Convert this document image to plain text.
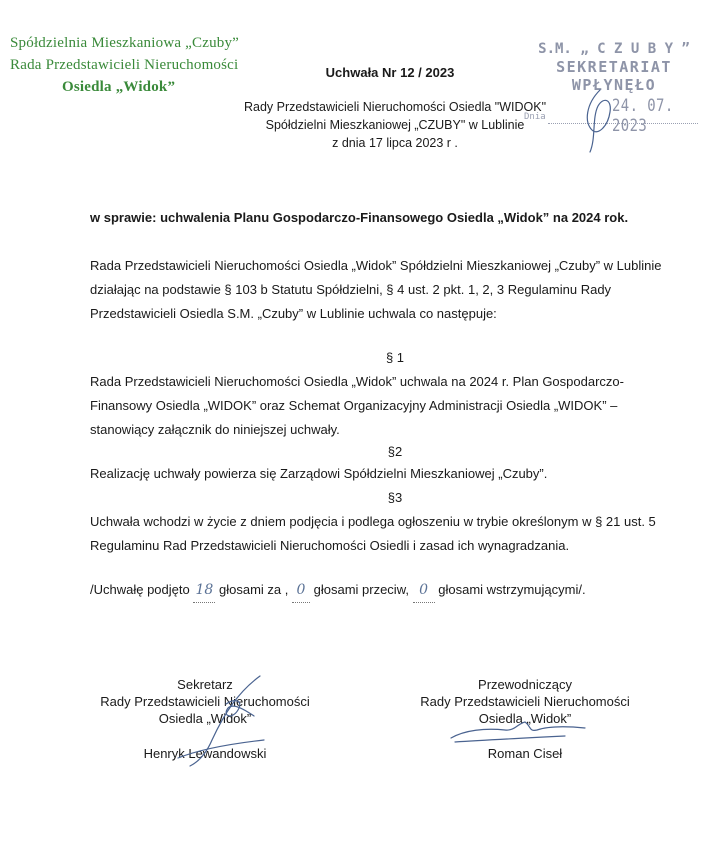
Spółdzielnia Mieszkaniowa „Czuby”
Rada Przedstawicieli Nieruchomości
Osiedla „Widok”
S.M. „ C Z U B Y ”
SEKRETARIAT
WPŁYNĘŁO
24. 07. 2023
Dnia
Uchwała Nr 12 / 2023
Rady Przedstawicieli Nieruchomości Osiedla "WIDOK"
Spółdzielni Mieszkaniowej „CZUBY" w Lublinie
z dnia 17 lipca 2023 r .
w sprawie: uchwalenia Planu Gospodarczo-Finansowego Osiedla „Widok” na 2024 rok.
Rada Przedstawicieli Nieruchomości Osiedla „Widok” Spółdzielni Mieszkaniowej „Czuby” w Lublinie
działając na podstawie § 103 b Statutu Spółdzielni, § 4 ust. 2 pkt. 1, 2, 3 Regulaminu Rady
Przedstawicieli Osiedla S.M. „Czuby” w Lublinie uchwala co następuje:
§ 1
Rada Przedstawicieli Nieruchomości Osiedla „Widok” uchwala na 2024 r. Plan Gospodarczo-
Finansowy Osiedla „WIDOK” oraz Schemat Organizacyjny Administracji Osiedla „WIDOK” –
stanowiący załącznik do niniejszej uchwały.
§2
Realizację uchwały powierza się Zarządowi Spółdzielni Mieszkaniowej „Czuby”.
§3
Uchwała wchodzi w życie z dniem podjęcia i podlega ogłoszeniu w trybie określonym w § 21 ust. 5
Regulaminu Rad Przedstawicieli Nieruchomości Osiedli i zasad ich wynagradzania.
/Uchwałę podjęto 18 głosami za , 0 głosami przeciw, 0 głosami wstrzymującymi/.
Sekretarz
Rady Przedstawicieli Nieruchomości
Osiedla „Widok”
Henryk Lewandowski
Przewodniczący
Rady Przedstawicieli Nieruchomości
Osiedla „Widok”
Roman Ciseł
